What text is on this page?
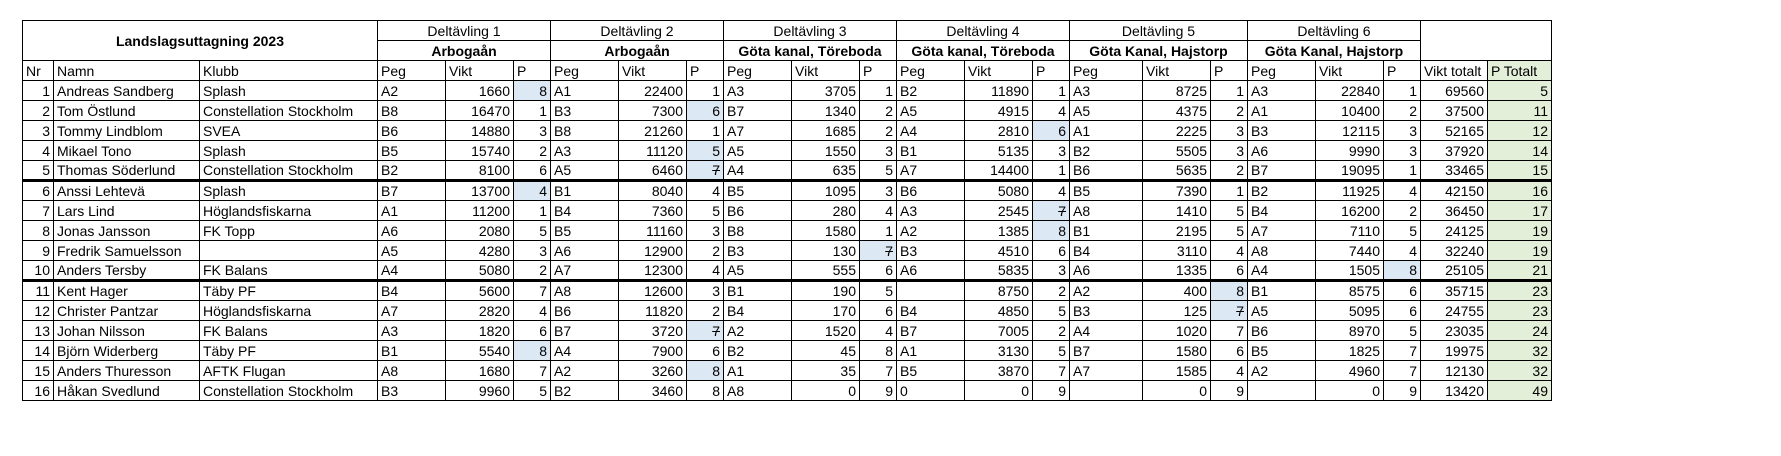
Landslagsuttagning 2023			Deltävling 1			Deltävling 2			Deltävling 3			Deltävling 4			Deltävling 5			Deltävling 6				
			Arbogaån			Arbogaån			Göta kanal, Töreboda			Göta kanal, Töreboda			Göta Kanal, Hajstorp			Göta Kanal, Hajstorp				
Nr	Namn	Klubb	Peg	Vikt	P	Peg	Vikt	P	Peg	Vikt	P	Peg	Vikt	P	Peg	Vikt	P	Peg	Vikt	P	Vikt totalt	P Totalt
1	Andreas Sandberg	Splash	A2	1660	8	A1	22400	1	A3	3705	1	B2	11890	1	A3	8725	1	A3	22840	1	69560	5
2	Tom Östlund	Constellation Stockholm	B8	16470	1	B3	7300	6	B7	1340	2	A5	4915	4	A5	4375	2	A1	10400	2	37500	11
3	Tommy Lindblom	SVEA	B6	14880	3	B8	21260	1	A7	1685	2	A4	2810	6	A1	2225	3	B3	12115	3	52165	12
4	Mikael Tono	Splash	B5	15740	2	A3	11120	5	A5	1550	3	B1	5135	3	B2	5505	3	A6	9990	3	37920	14
5	Thomas Söderlund	Constellation Stockholm	B2	8100	6	A5	6460	7	A4	635	5	A7	14400	1	B6	5635	2	B7	19095	1	33465	15
6	Anssi Lehtevä	Splash	B7	13700	4	B1	8040	4	B5	1095	3	B6	5080	4	B5	7390	1	B2	11925	4	42150	16
7	Lars Lind	Höglandsfiskarna	A1	11200	1	B4	7360	5	B6	280	4	A3	2545	7	A8	1410	5	B4	16200	2	36450	17
8	Jonas Jansson	FK Topp	A6	2080	5	B5	11160	3	B8	1580	1	A2	1385	8	B1	2195	5	A7	7110	5	24125	19
9	Fredrik Samuelsson		A5	4280	3	A6	12900	2	B3	130	7	B3	4510	6	B4	3110	4	A8	7440	4	32240	19
10	Anders Tersby	FK Balans	A4	5080	2	A7	12300	4	A5	555	6	A6	5835	3	A6	1335	6	A4	1505	8	25105	21
11	Kent Hager	Täby PF	B4	5600	7	A8	12600	3	B1	190	5		8750	2	A2	400	8	B1	8575	6	35715	23
12	Christer Pantzar	Höglandsfiskarna	A7	2820	4	B6	11820	2	B4	170	6	B4	4850	5	B3	125	7	A5	5095	6	24755	23
13	Johan Nilsson	FK Balans	A3	1820	6	B7	3720	7	A2	1520	4	B7	7005	2	A4	1020	7	B6	8970	5	23035	24
14	Björn Widerberg	Täby PF	B1	5540	8	A4	7900	6	B2	45	8	A1	3130	5	B7	1580	6	B5	1825	7	19975	32
15	Anders Thuresson	AFTK Flugan	A8	1680	7	A2	3260	8	A1	35	7	B5	3870	7	A7	1585	4	A2	4960	7	12130	32
16	Håkan Svedlund	Constellation Stockholm	B3	9960	5	B2	3460	8	A8	0	9	0	0	9		0	9		0	9	13420	49
